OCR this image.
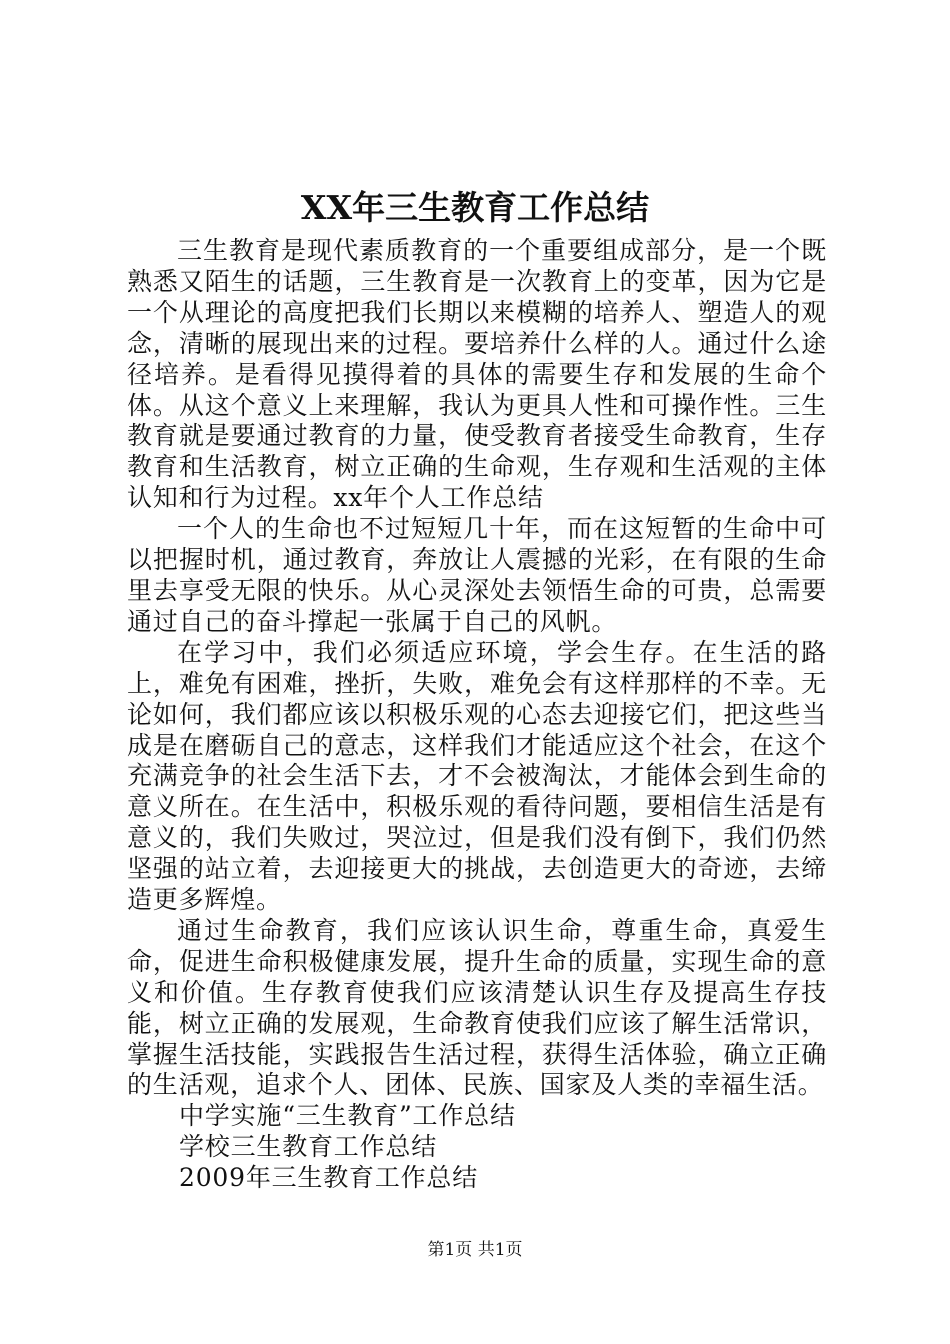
XX年三生教育工作总结

三生教育是现代素质教育的一个重要组成部分，是一个既熟悉又陌生的话题，三生教育是一次教育上的变革，因为它是一个从理论的高度把我们长期以来模糊的培养人、塑造人的观念，清晰的展现出来的过程。要培养什么样的人。通过什么途径培养。是看得见摸得着的具体的需要生存和发展的生命个体。从这个意义上来理解，我认为更具人性和可操作性。三生教育就是要通过教育的力量，使受教育者接受生命教育，生存教育和生活教育，树立正确的生命观，生存观和生活观的主体认知和行为过程。xx年个人工作总结

一个人的生命也不过短短几十年，而在这短暂的生命中可以把握时机，通过教育，奔放让人震撼的光彩，在有限的生命里去享受无限的快乐。从心灵深处去领悟生命的可贵，总需要通过自己的奋斗撑起一张属于自己的风帆。

在学习中，我们必须适应环境，学会生存。在生活的路上，难免有困难，挫折，失败，难免会有这样那样的不幸。无论如何，我们都应该以积极乐观的心态去迎接它们，把这些当成是在磨砺自己的意志，这样我们才能适应这个社会，在这个充满竞争的社会生活下去，才不会被淘汰，才能体会到生命的意义所在。在生活中，积极乐观的看待问题，要相信生活是有意义的，我们失败过，哭泣过，但是我们没有倒下，我们仍然坚强的站立着，去迎接更大的挑战，去创造更大的奇迹，去缔造更多辉煌。

通过生命教育，我们应该认识生命，尊重生命，真爱生命，促进生命积极健康发展，提升生命的质量，实现生命的意义和价值。生存教育使我们应该清楚认识生存及提高生存技能，树立正确的发展观，生命教育使我们应该了解生活常识，掌握生活技能，实践报告生活过程，获得生活体验，确立正确的生活观，追求个人、团体、民族、国家及人类的幸福生活。

中学实施“三生教育”工作总结

学校三生教育工作总结

2009年三生教育工作总结

第1页 共1页
